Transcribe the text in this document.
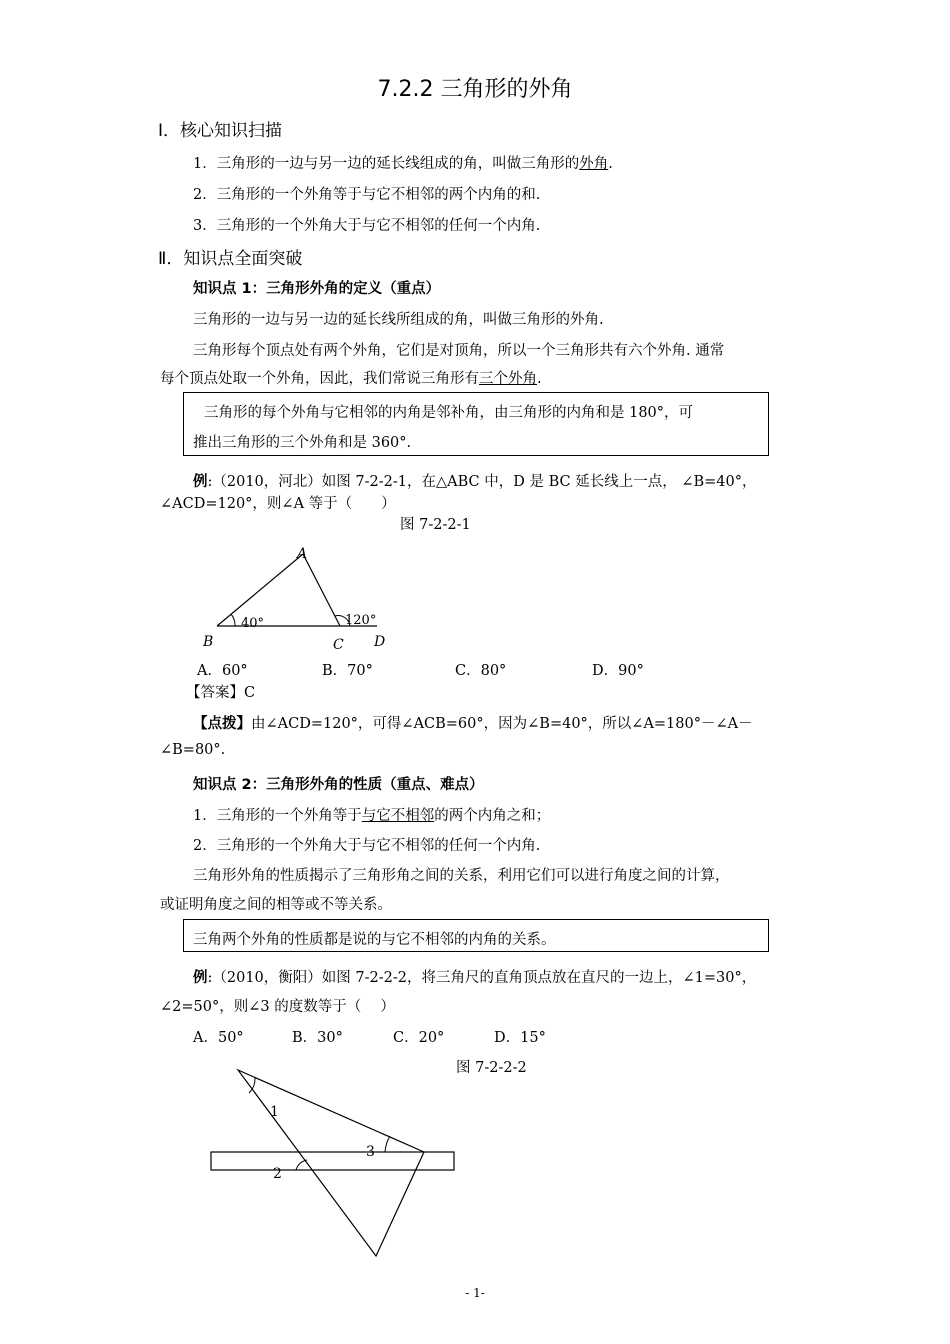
7.2.2 三角形的外角
Ⅰ．核心知识扫描
1．三角形的一边与另一边的延长线组成的角，叫做三角形的外角.
2．三角形的一个外角等于与它不相邻的两个内角的和.
3．三角形的一个外角大于与它不相邻的任何一个内角.
Ⅱ．知识点全面突破
知识点 1：三角形外角的定义（重点）
三角形的一边与另一边的延长线所组成的角，叫做三角形的外角.
三角形每个顶点处有两个外角，它们是对顶角，所以一个三角形共有六个外角. 通常
每个顶点处取一个外角，因此，我们常说三角形有三个外角.
三角形的每个外角与它相邻的内角是邻补角，由三角形的内角和是 180°，可
推出三角形的三个外角和是 360°.
例:（2010，河北）如图 7-2-2-1，在△ABC 中，D 是 BC 延长线上一点， ∠B=40°，
∠ACD=120°，则∠A 等于（　　）
图 7-2-2-1
A
B	C D
40°	120°
A．60°	B．70°	C．80°	D．90°
【答案】C
【点拨】由∠ACD=120°，可得∠ACB=60°，因为∠B=40°，所以∠A=180°－∠A－
∠B=80°.
知识点 2：三角形外角的性质（重点、难点）
1．三角形的一个外角等于与它不相邻的两个内角之和；
2．三角形的一个外角大于与它不相邻的任何一个内角.
三角形外角的性质揭示了三角形角之间的关系，利用它们可以进行角度之间的计算，
或证明角度之间的相等或不等关系。
三角两个外角的性质都是说的与它不相邻的内角的关系。
例:（2010，衡阳）如图 7-2-2-2，将三角尺的直角顶点放在直尺的一边上，∠1=30°，
∠2=50°，则∠3 的度数等于（　 ）
A．50°	B．30°	C．20°	D．15°
图 7-2-2-2
1
2
3
- 1-
